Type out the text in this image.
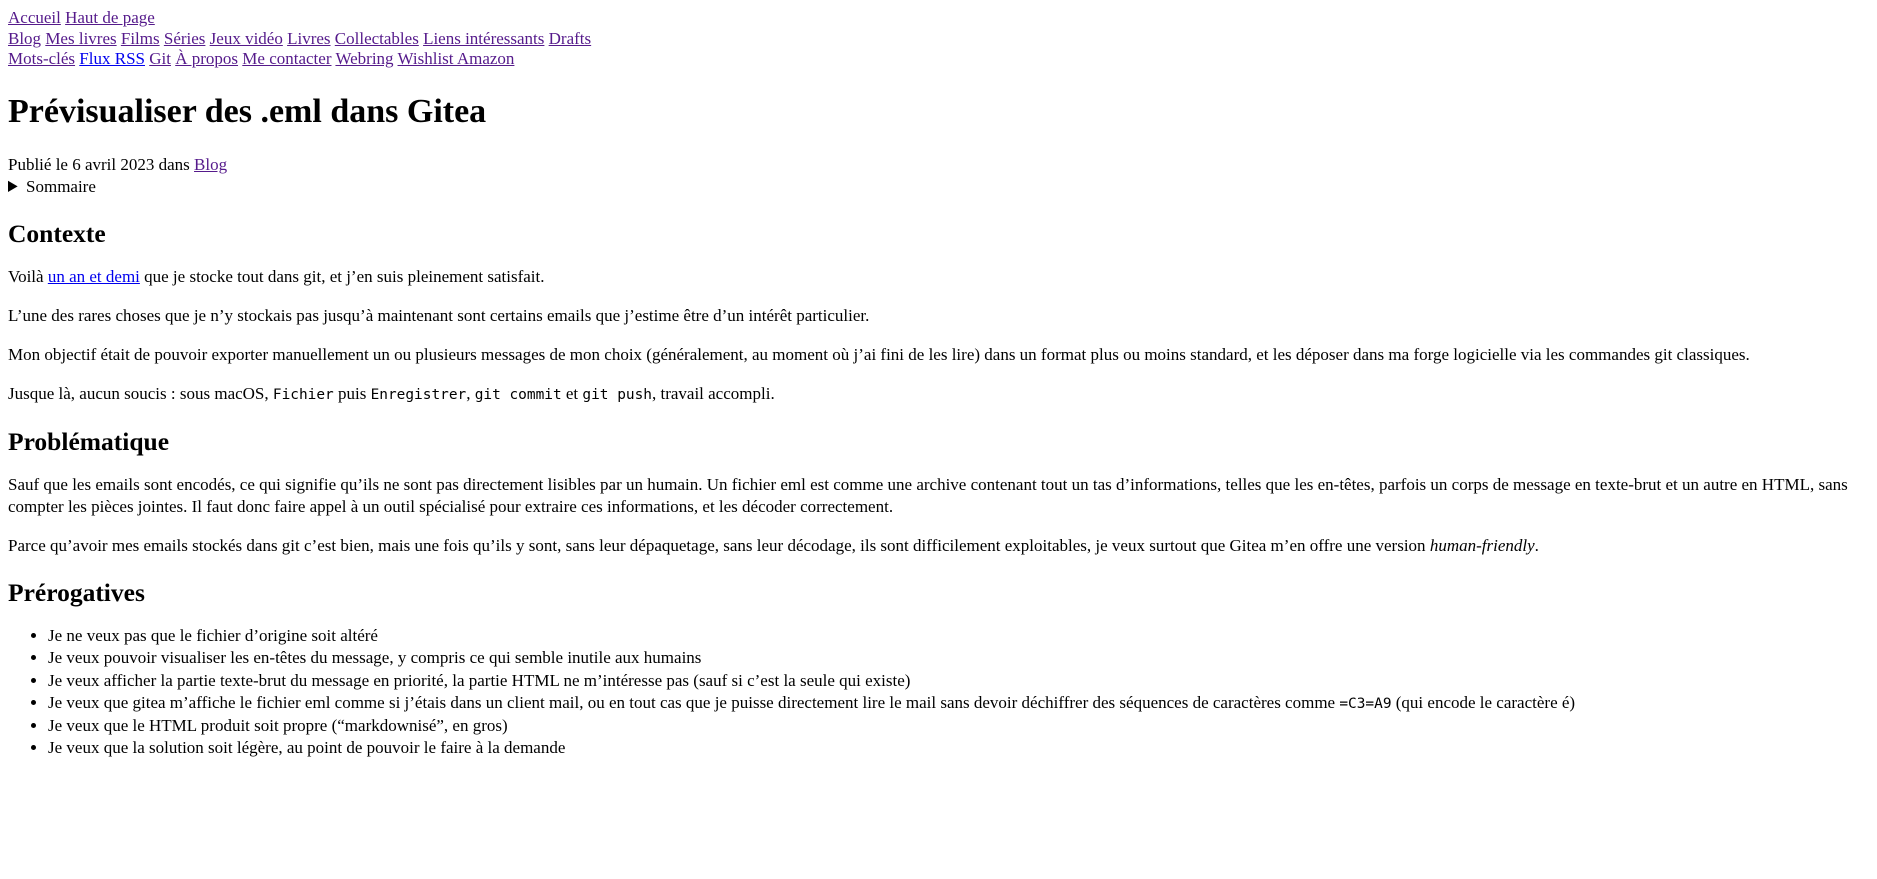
Accueil Haut de page
Blog Mes livres Films Séries Jeux vidéo Livres Collectables Liens intéressants Drafts
Mots-clés Flux RSS Git À propos Me contacter Webring Wishlist Amazon
Prévisualiser des .eml dans Gitea
Publié le 6 avril 2023 dans Blog
Sommaire
Contexte

Voilà un an et demi que je stocke tout dans git, et j’en suis pleinement satisfait.

L’une des rares choses que je n’y stockais pas jusqu’à maintenant sont certains emails que j’estime être d’un intérêt particulier.

Mon objectif était de pouvoir exporter manuellement un ou plusieurs messages de mon choix (généralement, au moment où j’ai fini de les lire) dans un format plus ou moins standard, et les déposer dans ma forge logicielle via les commandes git classiques.

Jusque là, aucun soucis : sous macOS, Fichier puis Enregistrer, git commit et git push, travail accompli.

Problématique

Sauf que les emails sont encodés, ce qui signifie qu’ils ne sont pas directement lisibles par un humain. Un fichier eml est comme une archive contenant tout un tas d’informations, telles que les en-têtes, parfois un corps de message en texte-brut et un autre en HTML, sans compter les pièces jointes. Il faut donc faire appel à un outil spécialisé pour extraire ces informations, et les décoder correctement.

Parce qu’avoir mes emails stockés dans git c’est bien, mais une fois qu’ils y sont, sans leur dépaquetage, sans leur décodage, ils sont difficilement exploitables, je veux surtout que Gitea m’en offre une version human-friendly.

Prérogatives
• Je ne veux pas que le fichier d’origine soit altéré
• Je veux pouvoir visualiser les en-têtes du message, y compris ce qui semble inutile aux humains
• Je veux afficher la partie texte-brut du message en priorité, la partie HTML ne m’intéresse pas (sauf si c’est la seule qui existe)
• Je veux que gitea m’affiche le fichier eml comme si j’étais dans un client mail, ou en tout cas que je puisse directement lire le mail sans devoir déchiffrer des séquences de caractères comme =C3=A9 (qui encode le caractère é)
• Je veux que le HTML produit soit propre (“markdownisé”, en gros)
• Je veux que la solution soit légère, au point de pouvoir le faire à la demande
